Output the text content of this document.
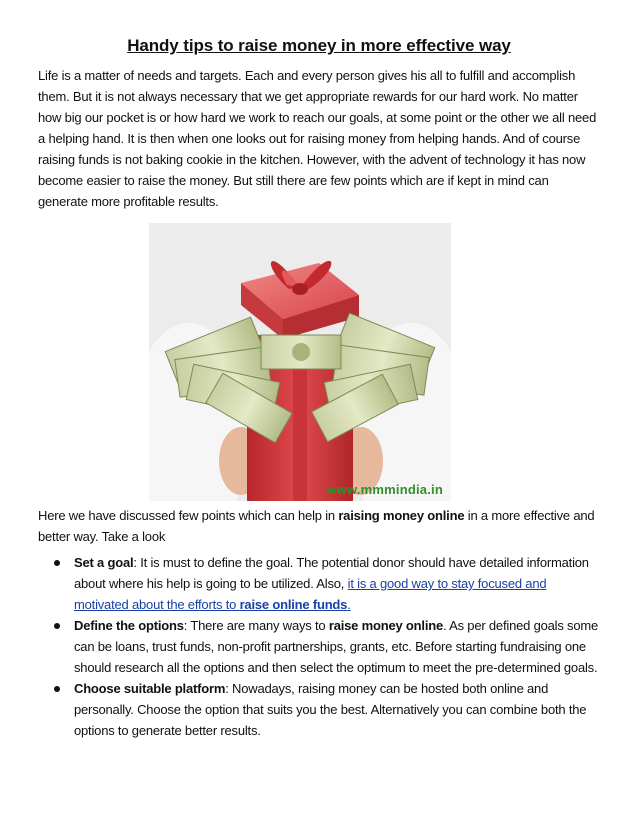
Handy tips to raise money in more effective way

Life is a matter of needs and targets. Each and every person gives his all to fulfill and accomplish them. But it is not always necessary that we get appropriate rewards for our hard work. No matter how big our pocket is or how hard we work to reach our goals, at some point or the other we all need a helping hand. It is then when one looks out for raising money from helping hands. And of course raising funds is not baking cookie in the kitchen. However, with the advent of technology it has now become easier to raise the money. But still there are few points which are if kept in mind can generate more profitable results.

www.mmmindia.in

Here we have discussed few points which can help in raising money online in a more effective and better way. Take a look

Set a goal: It is must to define the goal. The potential donor should have detailed information about where his help is going to be utilized. Also, it is a good way to stay focused and motivated about the efforts to raise online funds.
Define the options: There are many ways to raise money online. As per defined goals some can be loans, trust funds, non-profit partnerships, grants, etc. Before starting fundraising one should research all the options and then select the optimum to meet the pre-determined goals.
Choose suitable platform: Nowadays, raising money can be hosted both online and personally. Choose the option that suits you the best. Alternatively you can combine both the options to generate better results.
